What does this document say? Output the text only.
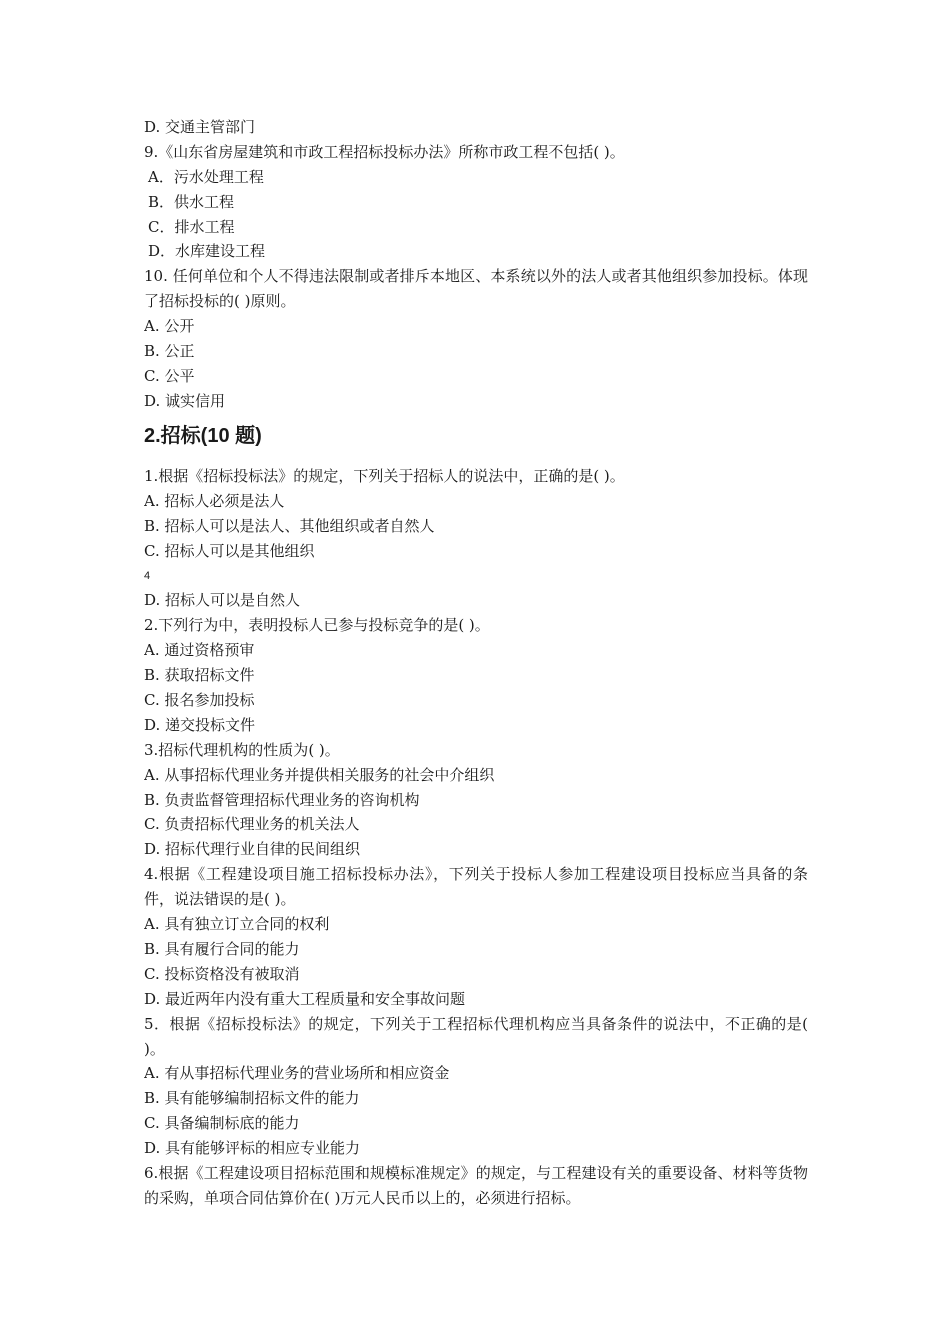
D. 交通主管部门
9.《山东省房屋建筑和市政工程招标投标办法》所称市政工程不包括( )。
A．污水处理工程
B．供水工程
C．排水工程
D．水库建设工程
10. 任何单位和个人不得违法限制或者排斥本地区、本系统以外的法人或者其他组织参加投标。体现了招标投标的( )原则。
A. 公开
B. 公正
C. 公平
D. 诚实信用
2.招标(10 题)
1.根据《招标投标法》的规定，下列关于招标人的说法中，正确的是( )。
A. 招标人必须是法人
B. 招标人可以是法人、其他组织或者自然人
C. 招标人可以是其他组织
4
D. 招标人可以是自然人
2.下列行为中，表明投标人已参与投标竞争的是( )。
A. 通过资格预审
B. 获取招标文件
C. 报名参加投标
D. 递交投标文件
3.招标代理机构的性质为( )。
A. 从事招标代理业务并提供相关服务的社会中介组织
B. 负责监督管理招标代理业务的咨询机构
C. 负责招标代理业务的机关法人
D. 招标代理行业自律的民间组织
4.根据《工程建设项目施工招标投标办法》，下列关于投标人参加工程建设项目投标应当具备的条件，说法错误的是( )。
A. 具有独立订立合同的权利
B. 具有履行合同的能力
C. 投标资格没有被取消
D. 最近两年内没有重大工程质量和安全事故问题
5．根据《招标投标法》的规定，下列关于工程招标代理机构应当具备条件的说法中，不正确的是( )。
A. 有从事招标代理业务的营业场所和相应资金
B. 具有能够编制招标文件的能力
C. 具备编制标底的能力
D. 具有能够评标的相应专业能力
6.根据《工程建设项目招标范围和规模标准规定》的规定，与工程建设有关的重要设备、材料等货物的采购，单项合同估算价在( )万元人民币以上的，必须进行招标。
